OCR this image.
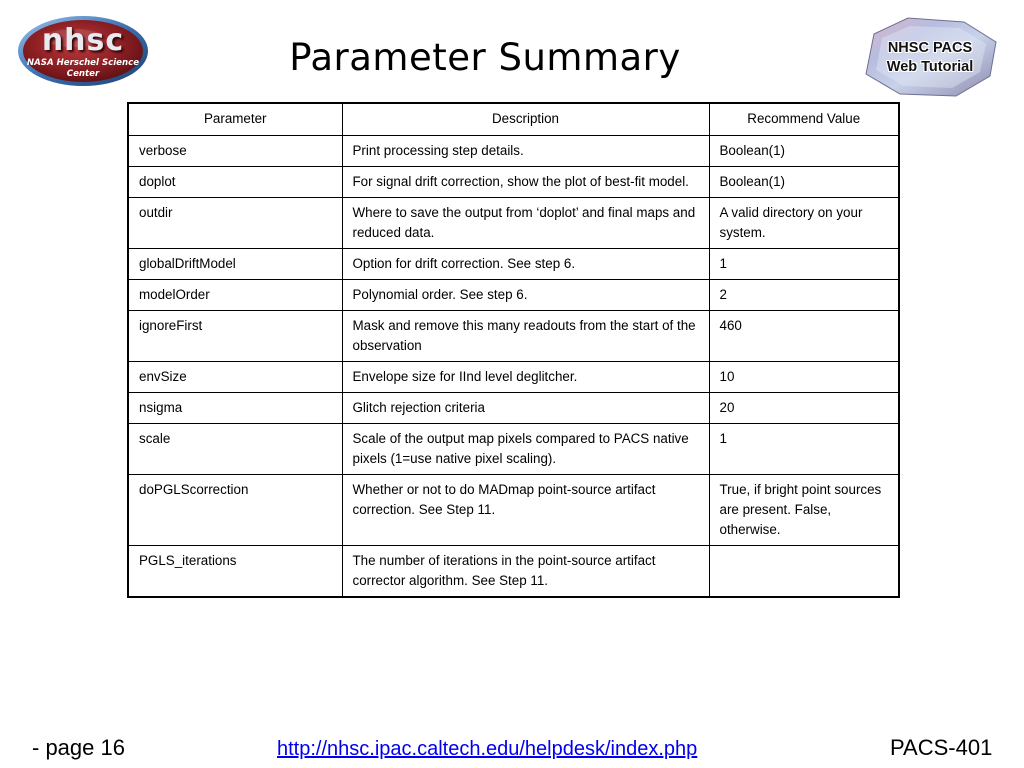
nhsc
NASA Herschel Science
Center	Parameter Summary	NHSC PACS
Web Tutorial
Parameter	Description	Recommend Value
verbose	Print processing step details.	Boolean(1)
doplot	For signal drift correction, show the plot of best-fit model.	Boolean(1)
outdir	Where to save the output from ‘doplot’ and final maps and reduced data.	A valid directory on your system.
globalDriftModel	Option for drift correction. See step 6.	1
modelOrder	Polynomial order. See step 6.	2
ignoreFirst	Mask and remove this many readouts from the start of the observation	460
envSize	Envelope size for IInd level deglitcher.	10
nsigma	Glitch rejection criteria	20
scale	Scale of the output map pixels compared to PACS native pixels (1=use native pixel scaling).	1
doPGLScorrection	Whether or not to do MADmap point-source artifact correction. See Step 11.	True, if bright point sources are present. False, otherwise.
PGLS_iterations	The number of iterations in the point-source artifact corrector algorithm. See Step 11.	
- page 16	http://nhsc.ipac.caltech.edu/helpdesk/index.php	PACS-401
